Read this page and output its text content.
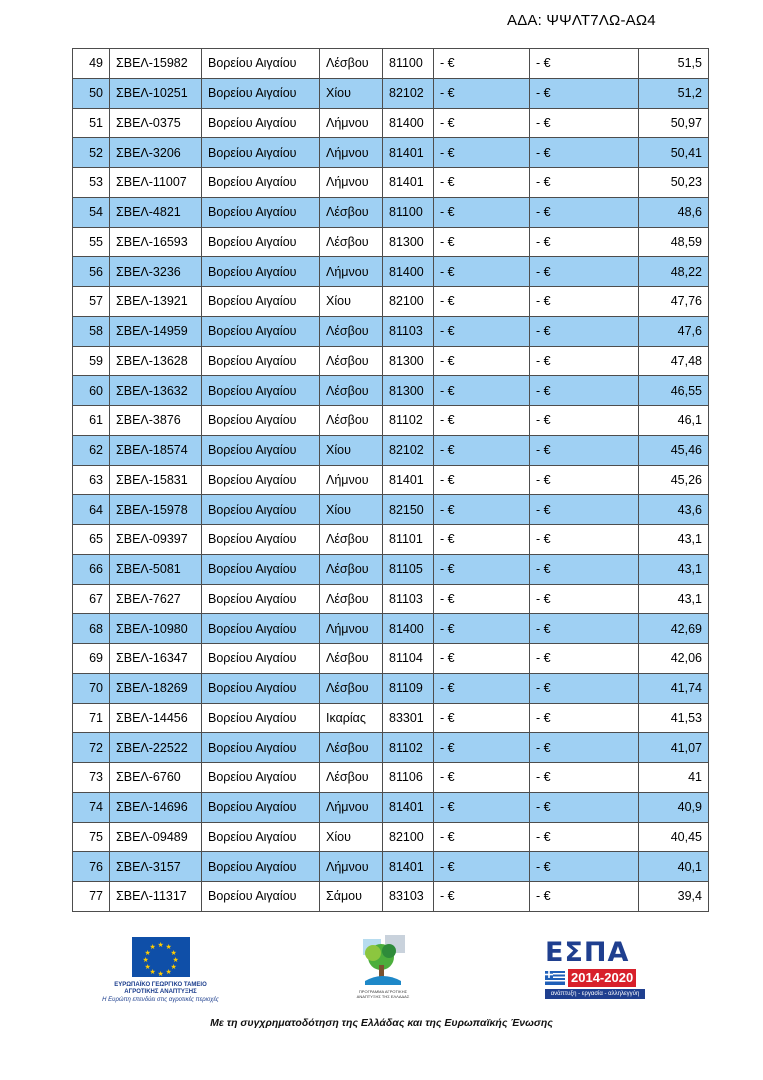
ΑΔΑ: ΨΨΛΤ7ΛΩ-ΑΩ4
49	ΣΒΕΛ-15982	Βορείου Αιγαίου	Λέσβου	81100	- €	- €	51,5
50	ΣΒΕΛ-10251	Βορείου Αιγαίου	Χίου	82102	- €	- €	51,2
51	ΣΒΕΛ-0375	Βορείου Αιγαίου	Λήμνου	81400	- €	- €	50,97
52	ΣΒΕΛ-3206	Βορείου Αιγαίου	Λήμνου	81401	- €	- €	50,41
53	ΣΒΕΛ-11007	Βορείου Αιγαίου	Λήμνου	81401	- €	- €	50,23
54	ΣΒΕΛ-4821	Βορείου Αιγαίου	Λέσβου	81100	- €	- €	48,6
55	ΣΒΕΛ-16593	Βορείου Αιγαίου	Λέσβου	81300	- €	- €	48,59
56	ΣΒΕΛ-3236	Βορείου Αιγαίου	Λήμνου	81400	- €	- €	48,22
57	ΣΒΕΛ-13921	Βορείου Αιγαίου	Χίου	82100	- €	- €	47,76
58	ΣΒΕΛ-14959	Βορείου Αιγαίου	Λέσβου	81103	- €	- €	47,6
59	ΣΒΕΛ-13628	Βορείου Αιγαίου	Λέσβου	81300	- €	- €	47,48
60	ΣΒΕΛ-13632	Βορείου Αιγαίου	Λέσβου	81300	- €	- €	46,55
61	ΣΒΕΛ-3876	Βορείου Αιγαίου	Λέσβου	81102	- €	- €	46,1
62	ΣΒΕΛ-18574	Βορείου Αιγαίου	Χίου	82102	- €	- €	45,46
63	ΣΒΕΛ-15831	Βορείου Αιγαίου	Λήμνου	81401	- €	- €	45,26
64	ΣΒΕΛ-15978	Βορείου Αιγαίου	Χίου	82150	- €	- €	43,6
65	ΣΒΕΛ-09397	Βορείου Αιγαίου	Λέσβου	81101	- €	- €	43,1
66	ΣΒΕΛ-5081	Βορείου Αιγαίου	Λέσβου	81105	- €	- €	43,1
67	ΣΒΕΛ-7627	Βορείου Αιγαίου	Λέσβου	81103	- €	- €	43,1
68	ΣΒΕΛ-10980	Βορείου Αιγαίου	Λήμνου	81400	- €	- €	42,69
69	ΣΒΕΛ-16347	Βορείου Αιγαίου	Λέσβου	81104	- €	- €	42,06
70	ΣΒΕΛ-18269	Βορείου Αιγαίου	Λέσβου	81109	- €	- €	41,74
71	ΣΒΕΛ-14456	Βορείου Αιγαίου	Ικαρίας	83301	- €	- €	41,53
72	ΣΒΕΛ-22522	Βορείου Αιγαίου	Λέσβου	81102	- €	- €	41,07
73	ΣΒΕΛ-6760	Βορείου Αιγαίου	Λέσβου	81106	- €	- €	41
74	ΣΒΕΛ-14696	Βορείου Αιγαίου	Λήμνου	81401	- €	- €	40,9
75	ΣΒΕΛ-09489	Βορείου Αιγαίου	Χίου	82100	- €	- €	40,45
76	ΣΒΕΛ-3157	Βορείου Αιγαίου	Λήμνου	81401	- €	- €	40,1
77	ΣΒΕΛ-11317	Βορείου Αιγαίου	Σάμου	83103	- €	- €	39,4
★ ★
★
★
★
★
★
★
★
★
★
★
ΕΥΡΩΠΑΪΚΟ ΓΕΩΡΓΙΚΟ ΤΑΜΕΙΟ ΑΓΡΟΤΙΚΗΣ ΑΝΑΠΤΥΞΗΣ
Η Ευρώπη επενδύει στις αγροτικές περιοχές
ΠΡΟΓΡΑΜΜΑ ΑΓΡΟΤΙΚΗΣ ΑΝΑΠΤΥΞΗΣ ΤΗΣ ΕΛΛΑΔΑΣ
ΕΣΠΑ
2014-2020
ανάπτυξη - εργασία - αλληλεγγύη
Με τη συγχρηματοδότηση της Ελλάδας και της Ευρωπαϊκής Ένωσης
